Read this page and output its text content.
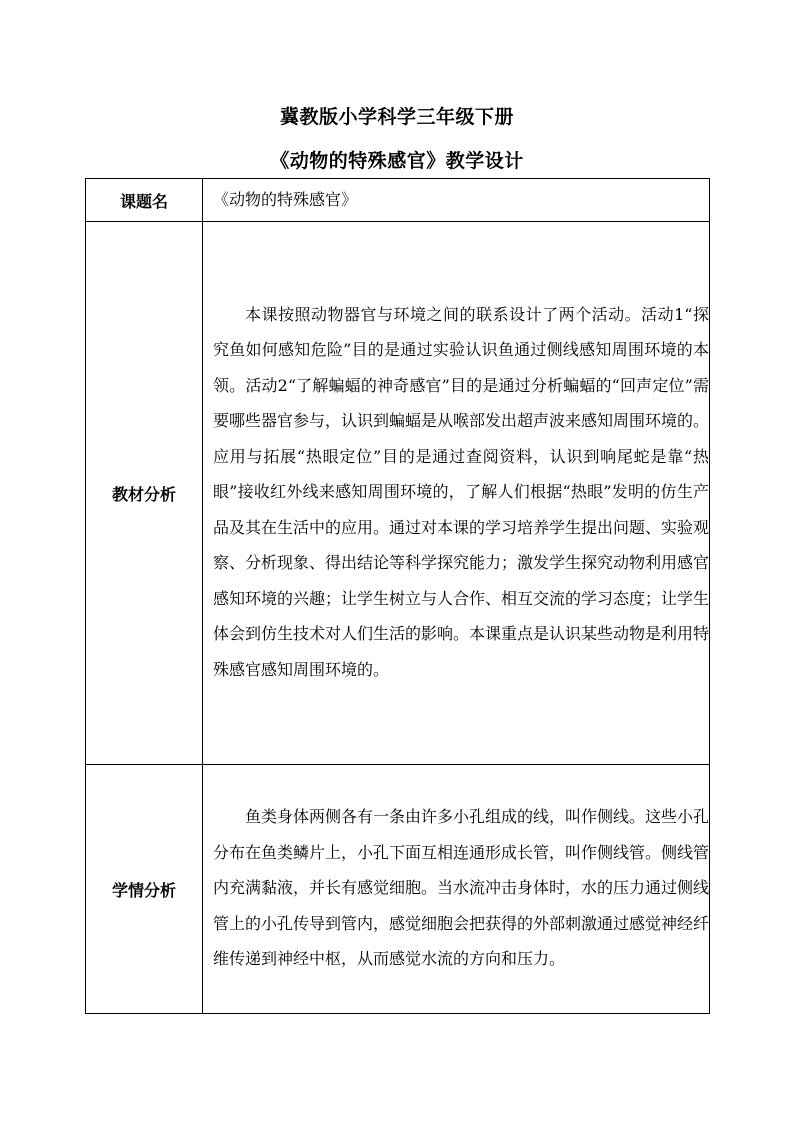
冀教版小学科学三年级下册
《动物的特殊感官》教学设计
课题名	《动物的特殊感官》

教材分析	本课按照动物器官与环境之间的联系设计了两个活动。活动1“探究鱼如何感知危险”目的是通过实验认识鱼通过侧线感知周围环境的本领。活动2“了解蝙蝠的神奇感官”目的是通过分析蝙蝠的“回声定位”需要哪些器官参与，认识到蝙蝠是从喉部发出超声波来感知周围环境的。应用与拓展“热眼定位”目的是通过查阅资料，认识到响尾蛇是靠“热眼”接收红外线来感知周围环境的，了解人们根据“热眼”发明的仿生产品及其在生活中的应用。通过对本课的学习培养学生提出问题、实验观察、分析现象、得出结论等科学探究能力；激发学生探究动物利用感官感知环境的兴趣；让学生树立与人合作、相互交流的学习态度；让学生体会到仿生技术对人们生活的影响。本课重点是认识某些动物是利用特殊感官感知周围环境的。

学情分析	鱼类身体两侧各有一条由许多小孔组成的线，叫作侧线。这些小孔分布在鱼类鳞片上，小孔下面互相连通形成长管，叫作侧线管。侧线管内充满黏液，并长有感觉细胞。当水流冲击身体时，水的压力通过侧线管上的小孔传导到管内，感觉细胞会把获得的外部刺激通过感觉神经纤维传递到神经中枢，从而感觉水流的方向和压力。
